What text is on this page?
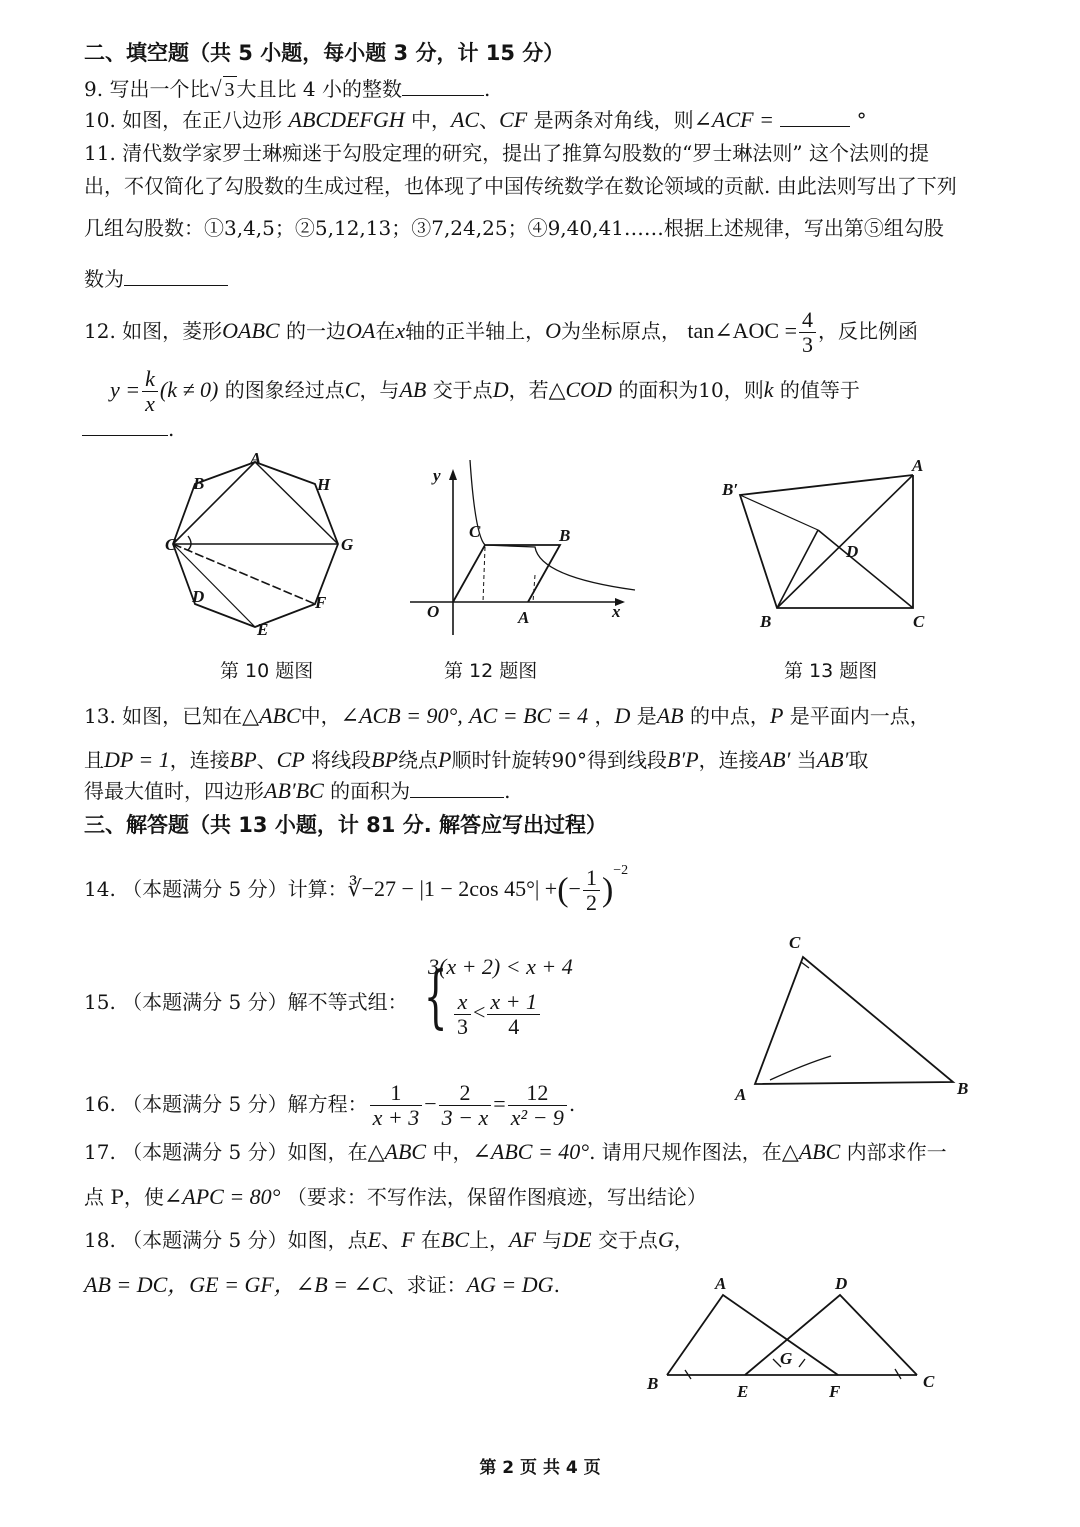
二、填空题（共 5 小题，每小题 3 分，计 15 分）
9. 写出一个比√ 3 大且比 4 小的整数	.
10. 如图，在正八边形 ABCDEFGH 中，AC、CF 是两条对角线，则∠ACF =	°
11. 清代数学家罗士琳痴迷于勾股定理的研究，提出了推算勾股数的“罗士琳法则” 这个法则的提
出，不仅简化了勾股数的生成过程，也体现了中国传统数学在数论领域的贡献. 由此法则写出了下列
几组勾股数：①3,4,5；②5,12,13；③7,24,25；④9,40,41……根据上述规律，写出第⑤组勾股
数为
12. 如图，菱形OABC 的一边OA在x轴的正半轴上，O为坐标原点， tan∠AOC = $\frac{4}{3}$ ，反比例函
$y = \frac{k}{x} (k \ne 0)$ 的图象经过点C，与AB 交于点D，若△COD 的面积为10，则k 的值等于
.
A
B
C
D
E
F
G
H
第 10 题图
y
C	B
O	A	x
第 12 题图
B′
A
D
B	C
第 13 题图
13. 如图，已知在△ABC中，∠ACB = 90°, AC = BC = 4 ，D 是AB 的中点，P 是平面内一点，
且DP = 1，连接BP、CP 将线段BP绕点P顺时针旋转90°得到线段B′P，连接AB′ 当AB′取
得最大值时，四边形AB′BC 的面积为	.
三、解答题（共 13 小题，计 81 分. 解答应写出过程）
14. （本题满分 5 分）计算：∛−27 − |1 − 2cos 45°| +(− $\frac{1}{2} )^{-2}$
15. （本题满分 5 分）解不等式组： {
3(x + 2) < x + 4
$\frac{x}{3} < \frac{x + 1}{4}$
C
A	B
16. （本题满分 5 分）解方程： $\frac{1}{x + 3} - \frac{2}{3 - x} = \frac{12}{\text{x² − 9}}$ .
17. （本题满分 5 分）如图，在△ABC 中，∠ABC = 40°. 请用尺规作图法，在△ABC 内部求作一
点 P，使∠APC = 80° （要求：不写作法，保留作图痕迹，写出结论）
18. （本题满分 5 分）如图，点E、F 在BC上，AF 与DE 交于点G，
AB = DC，GE = GF，∠B = ∠C、求证：AG = DG.	A	D
G
B	E	F
C
第 2 页 共 4 页
